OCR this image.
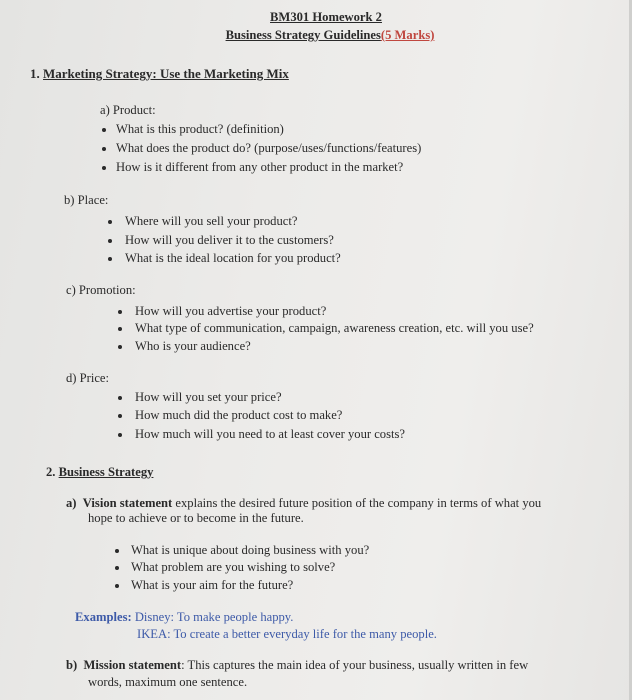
BM301 Homework 2
Business Strategy Guidelines(5 Marks)
1. Marketing Strategy: Use the Marketing Mix
a) Product:
What is this product? (definition)
What does the product do? (purpose/uses/functions/features)
How is it different from any other product in the market?
b) Place:
Where will you sell your product?
How will you deliver it to the customers?
What is the ideal location for you product?
c) Promotion:
How will you advertise your product?
What type of communication, campaign, awareness creation, etc. will you use?
Who is your audience?
d) Price:
How will you set your price?
How much did the product cost to make?
How much will you need to at least cover your costs?
2. Business Strategy
a) Vision statement explains the desired future position of the company in terms of what you
hope to achieve or to become in the future.
What is unique about doing business with you?
What problem are you wishing to solve?
What is your aim for the future?
Examples: Disney: To make people happy.
IKEA: To create a better everyday life for the many people.
b) Mission statement: This captures the main idea of your business, usually written in few
words, maximum one sentence.
